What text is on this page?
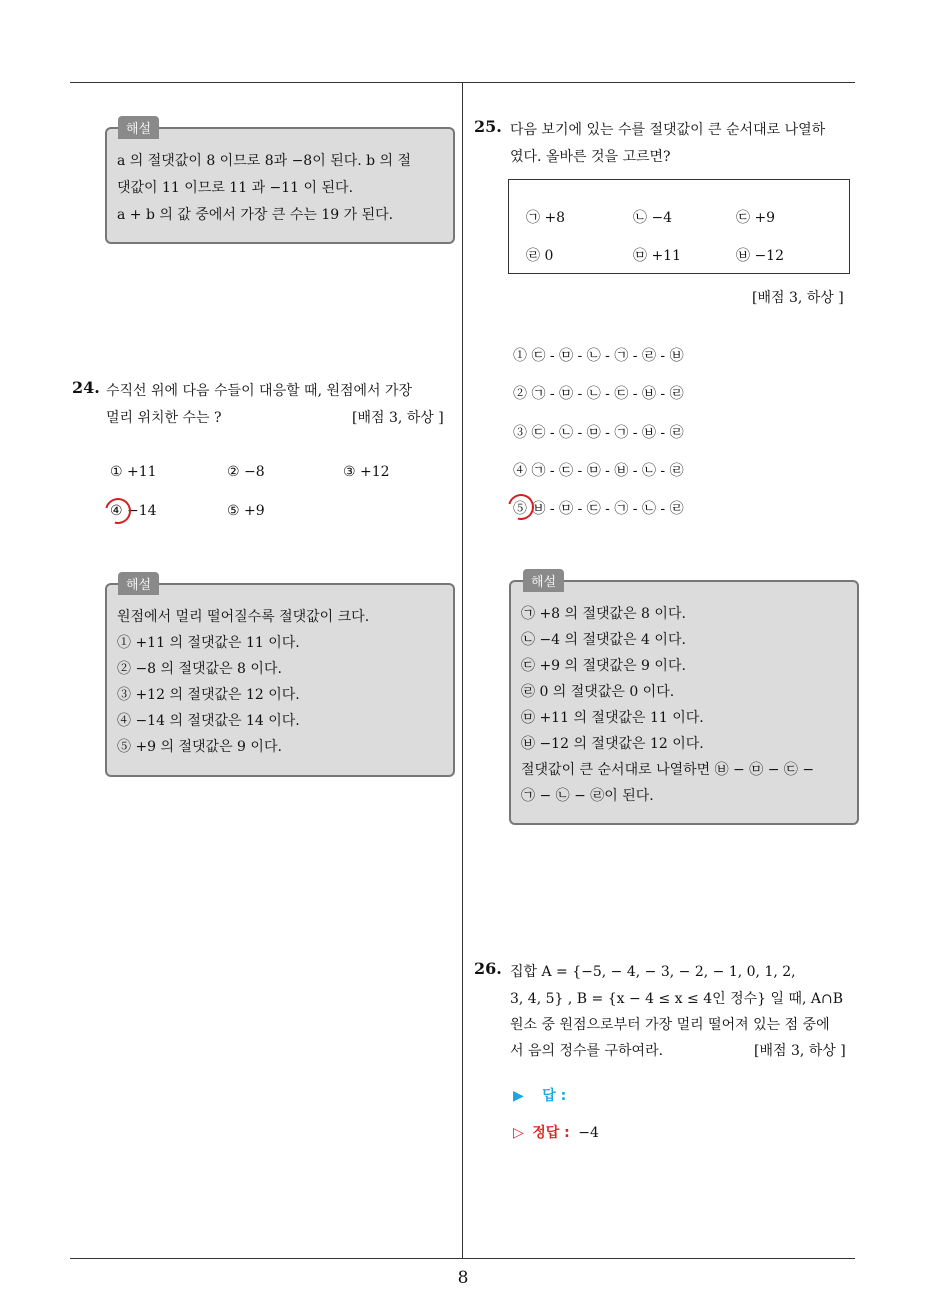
해설
a 의 절댓값이 8 이므로 8과 −8이 된다. b 의 절
댓값이 11 이므로 11 과 −11 이 된다.
a + b 의 값 중에서 가장 큰 수는 19 가 된다.
24. 수직선 위에 다음 수들이 대응할 때, 원점에서 가장
멀리 위치한 수는 ?	[배점 3, 하상 ]
① +11	② −8	③ +12
④ −14	⑤ +9
해설
원점에서 멀리 떨어질수록 절댓값이 크다.
① +11 의 절댓값은 11 이다.
② −8 의 절댓값은 8 이다.
③ +12 의 절댓값은 12 이다.
④ −14 의 절댓값은 14 이다.
⑤ +9 의 절댓값은 9 이다.
25. 다음 보기에 있는 수를 절댓값이 큰 순서대로 나열하
였다. 올바른 것을 고르면?
㉠ +8	㉡ −4	㉢ +9
㉣ 0	㉤ +11	㉥ −12
[배점 3, 하상 ]
① ㉢ - ㉤ - ㉡ - ㉠ - ㉣ - ㉥
② ㉠ - ㉤ - ㉡ - ㉢ - ㉥ - ㉣
③ ㉢ - ㉡ - ㉤ - ㉠ - ㉥ - ㉣
④ ㉠ - ㉢ - ㉤ - ㉥ - ㉡ - ㉣
⑤ ㉥ - ㉤ - ㉢ - ㉠ - ㉡ - ㉣
해설
㉠ +8 의 절댓값은 8 이다.
㉡ −4 의 절댓값은 4 이다.
㉢ +9 의 절댓값은 9 이다.
㉣ 0 의 절댓값은 0 이다.
㉤ +11 의 절댓값은 11 이다.
㉥ −12 의 절댓값은 12 이다.
절댓값이 큰 순서대로 나열하면 ㉥ − ㉤ − ㉢ −
㉠ − ㉡ − ㉣이 된다.
26. 집합 A = {−5, − 4, − 3, − 2, − 1, 0, 1, 2,
3, 4, 5} , B = {x − 4 ≤ x ≤ 4인 정수} 일 때, A∩B
원소 중 원점으로부터 가장 멀리 떨어져 있는 점 중에
서 음의 정수를 구하여라.	[배점 3, 하상 ]
▶ 답 :
▷ 정답 : −4
8
